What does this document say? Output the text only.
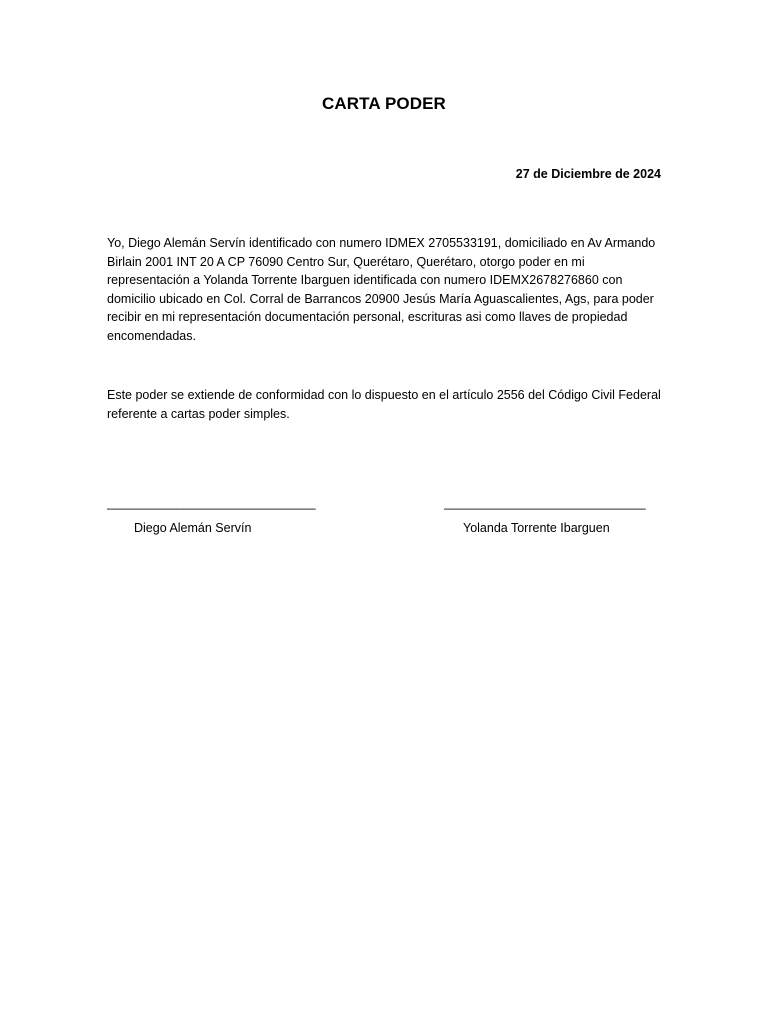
CARTA PODER
27 de Diciembre de 2024
Yo, Diego Alemán Servín identificado con numero IDMEX 2705533191, domiciliado en Av Armando Birlain 2001 INT 20 A CP 76090 Centro Sur, Querétaro, Querétaro, otorgo poder en mi representación a Yolanda Torrente Ibarguen identificada con numero IDEMX2678276860 con domicilio ubicado en Col. Corral de Barrancos 20900 Jesús María Aguascalientes, Ags, para poder recibir en mi representación documentación personal, escrituras asi como llaves de propiedad encomendadas.
Este poder se extiende de conformidad con lo dispuesto en el artículo 2556 del Código Civil Federal referente a cartas poder simples.
______________________________	_____________________________
Diego Alemán Servín	Yolanda Torrente Ibarguen
